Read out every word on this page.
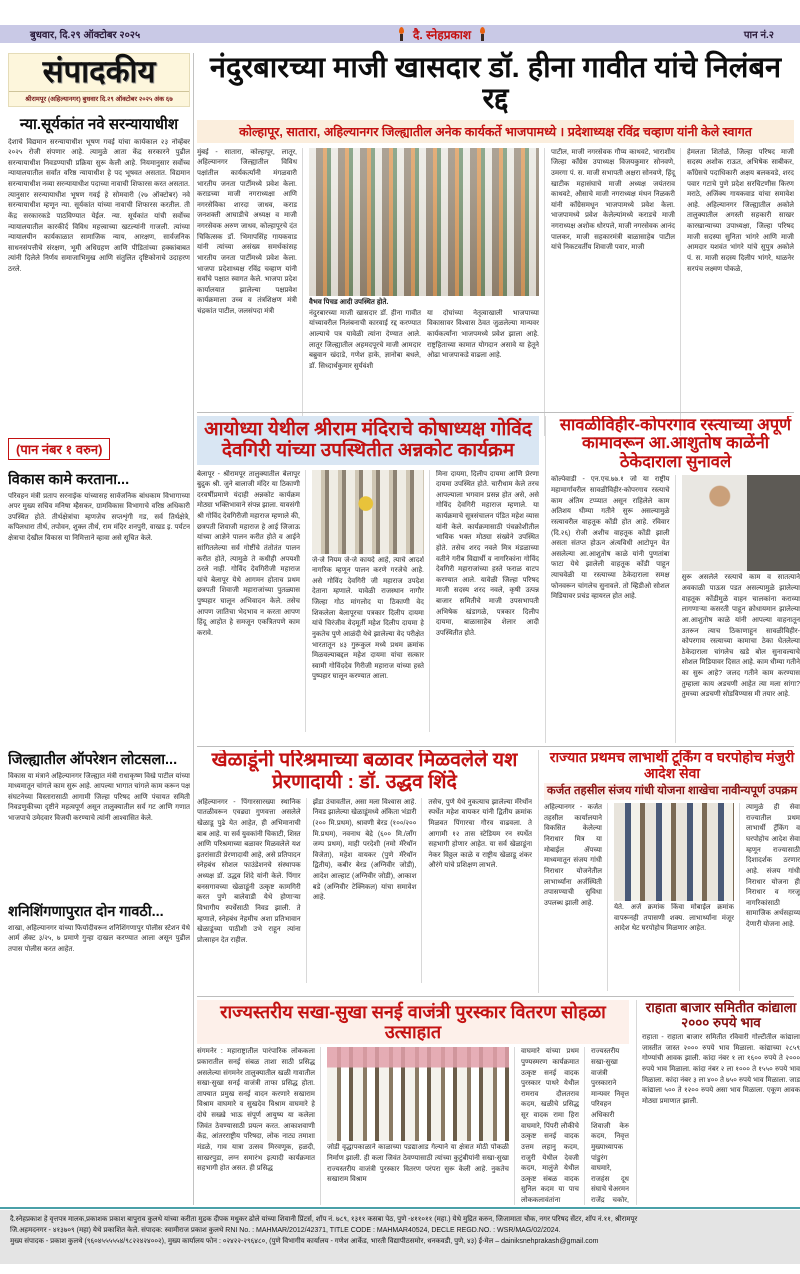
बुधवार, दि.२९ ऑक्टोबर २०२५	दै. स्नेहप्रकाश	पान नं.२
संपादकीय
श्रीरामपूर (अहिल्यानगर) बुधवार दि.२९ ऑक्टोबर २०२५ अंक ६७
न्या.सूर्यकांत नवे सरन्यायाधीश
देशाचे विद्यमान सरन्यायाधीश भूषण गवई यांचा कार्यकाल २३ नोव्हेंबर २०२५ रोजी संपणार आहे. त्यामुळे आता केंद्र सरकारने पुढील सरन्यायाधीश निवडण्याची प्रक्रिया सुरू केली आहे. नियमानुसार सर्वोच्च न्यायालयातील सर्वांत वरिष्ठ न्यायाधीश हे पद भूषवत असतात. विद्यमान सरन्यायाधीश नव्या सरन्यायाधीश पदाच्या नावाची शिफारस करत असतात. त्यानुसार सरन्यायाधीश भूषण गवई हे सोमवारी (२७ ऑक्टोबर) नवे सरन्यायाधीश म्हणून न्या. सूर्यकांत यांच्या नावाची शिफारस करतील. ती केंद्र सरकारकडे पाठविण्यात येईल. न्या. सूर्यकांत यांची सर्वोच्च न्यायालयातील कारकीर्द विविध महत्त्वाच्या खटल्यांनी गाजली. त्यांच्या न्यायालयीन कार्यकाळात सामाजिक न्याय, आरक्षण, सार्वजनिक साधनसंपत्तीचे संरक्षण, भूमी अधिग्रहण आणि पीडितांच्या हक्कांबाबत त्यांनी दिलेले निर्णय समाजाभिमुख आणि संतुलित दृष्टिकोनाचे उदाहरण ठरले.
(पान नंबर १ वरुन)
विकास कामे करताना...
परिवहन मंत्री प्रताप सरनाईक यांच्यासह सार्वजनिक बांधकाम विभागाच्या अपर मुख्य सचिव मनिषा म्हैसकर, ग्रामविकास विभागाचे वरिष्ठ अधिकारी उपस्थित होते. तीर्थक्षेत्रांचा म्हणजेच सप्तशृंगी गड, सर्व तिर्थक्षेत्रे, कपिलधारा तीर्थ, तपोवन, शुक्ल तीर्थ, राम मंदिर शनपुरी, वाखड इ. पर्यटन क्षेत्राचा देखील विकास या निमित्ताने व्हावा असे सूचित केले.
जिल्ह्यातील ऑपरेशन लोटसला...
विकास या मंत्राने अहिल्यानगर जिल्ह्यात मंत्री राधाकृष्ण विखे पाटील यांच्या माध्यमातून चांगले काम सुरू आहे. आपल्या भागात चांगले काम करून पक्ष संघटनेच्या विस्तारासाठी आगामी जिल्हा परिषद आणि पंचायत समिती निवडणुकीच्या दृष्टीने महत्वपूर्ण असून तालुक्यातील सर्व गट आणि गणात भाजपाचे उमेदवार विजयी करण्याचे त्यांनी आश्वासित केले.
शनिशिंगणापुरात दोन गावठी...
शाखा, अहिल्यानगर यांच्या फिर्यादीवरून शनिशिंगणापुर पोलीस स्टेशन येथे आर्म ॲक्ट ३/२५, ७ प्रमाणे गुन्हा दाखल करण्यात आला असून पुढील तपास पोलीस करत आहेत.
नंदुरबारच्या माजी खासदार डॉ. हीना गावीत यांचे निलंबन रद्द
कोल्हापूर, सातारा, अहिल्यानगर जिल्ह्यातील अनेक कार्यकर्ते भाजपामध्ये । प्रदेशाध्यक्ष रविंद्र चव्हाण यांनी केले स्वागत
मुंबई - सातारा, कोल्हापूर, लातूर, अहिल्यानगर जिल्ह्यातील विविध पक्षांतील कार्यकर्त्यांनी मंगळवारी भारतीय जनता पार्टीमध्ये प्रवेश केला. कराडच्या माजी नगराध्यक्षा आणि नगरसेविका शारदा जाधव, कराड जनशक्ती आघाडीचे अध्यक्ष व माजी नगरसेवक अरुण जाधव, कोल्हापूरचे दंत चिकित्सक डॉ. भिमापसिंह गायकवाड यांनी त्यांच्या असंख्य समर्थकांसह भारतीय जनता पार्टीमध्ये प्रवेश केला. भाजपा प्रदेशाध्यक्ष रविंद्र चव्हाण यांनी सर्वांचे पक्षात स्वागत केले. भाजपा प्रदेश कार्यालयात झालेल्या पक्षप्रवेश कार्यक्रमाला उच्च व तंत्रशिक्षण मंत्री चंद्रकांत पाटील, जलसंपदा मंत्री
वैभव पिचड आदी उपस्थित होते.
नंदुरबारच्या माजी खासदार डॉ. हीना गावीत यांच्यावरील निलंबनाची कारवाई रद्द करण्यात आल्याचे पत्र यावेळी त्यांना देण्यात आले. लातूर जिल्ह्यातील अहमदपूरचे माजी आमदार बब्रुवान खंदाडे, गणेश हाके, ज्ञानोबा बधले, डॉ. सिध्दार्थकुमार सुर्यवंशी
या दोघांच्या नेतृत्वाखाली भाजपाच्या विकासावर विश्वास ठेवत जुळलेल्या मान्यवर कार्यकर्त्यांना भाजपमध्ये प्रवेश झाला आहे. राष्ट्रहिताच्या कामात योगदान असावे या हेतूने ओढा भाजपाकडे वाढला आहे.
पाटील, माजी नगरसेवक गौप्य काथवटे, भाराशीय जिल्हा काँग्रेस उपाध्यक्ष विजयकुमार सोनवणे, उमरगा पं. स. माजी सभापती अक्षरा सोनवणे, हिंदू खाटीक महासंघाचे माजी अध्यक्ष जयंतराव काथवटे, औसाचे माजी नगराध्यक्ष मंथन निळकरी यांनी काँग्रेसमधून भाजपामध्ये प्रवेश केला. भाजपामध्ये प्रवेश केलेल्यांमध्ये कराडचे माजी नगराध्यक्ष अशोक धोरपले, माजी नगरसेवक आनंद पालकर, माजी सहकारमंत्री बाळासाहेब पाटील यांचे निकटवर्तीय शिवाजी पवार, माजी
हेमलता शितोळे, जिल्हा परिषद माजी सदस्य अशोक राऊत, अभिषेक साबीकर, काँग्रेसचे पदाधिकारी अक्षय बलकवडे, शरद पवार गटाचे पुणे प्रदेश सरचिटणीस किरण मराठे, अजिंक्य गायकवाड यांचा समावेश आहे. अहिल्यानगर जिल्ह्यातील अकोले तालुक्यातील अगस्ती सहकारी साखर कारखान्याच्या उपाध्यक्षा, जिल्हा परिषद माजी सदस्या सुनिता भांगरे आणि माजी आमदार यशवंत भांगरे यांचे सुपुत्र अकोले पं. स. माजी सदस्य दिलीप भांगरे, थाळनेर सरपंच लक्ष्मण पोकळे,
आयोध्या येथील श्रीराम मंदिराचे कोषाध्यक्ष गोविंद देवगिरी यांच्या उपस्थितीत अन्नकोट कार्यक्रम
बेलापूर - श्रीरामपूर तालुक्यातील बेलापूर बुद्रुक श्री. जुने बालाजी मंदिर या ठिकाणी दरवर्षीप्रमाणे यंदाही अन्नकोट कार्यक्रम मोठ्या भक्तिभावाने संपन्न झाला. यावसंगी श्री गोविंद देवगिरीजी महाराज म्हणाले की, छत्रपती शिवाजी महाराज हे आई जिजाऊ यांच्या आज्ञेने पालन करीत होते व आईने सांगितलेल्या सर्व गोष्टींचे तंतोतंत पालन करीत होते, त्यामुळे ते कधीही अपयशी ठरले नाही. गोविंद देवगिरीजी महाराज यांचे बेलापूर येथे आगमन होताच प्रथम छत्रपती शिवाजी महाराजांच्या पुतळ्यास पुष्पहार घालून अभिवादन केले. तसेच आपण जातिचा भेदभाव न करता आपण हिंदू आहोत हे समजून एकत्रितपणे काम करावे.
जे-जे नियम जे-जे कायदे आहे, त्याचे आदर्श नागरिक म्हणून पालन करणे गरजेचे आहे. असे गोविंद देवगिरी जी महाराज उपदेश देताना म्हणाले. यावेळी राजस्थान नागौर जिल्हा गोठ मांगलोद या ठिकाणी वेद शिकलेला बेलापूरचा पत्रकार दिलीप दायमा यांचे चिरंजीव वेदमूर्ती महेश दिलीप दायमा हे नुकतेच पुणे आळंदी येथे झालेल्या वेद परीक्षेत भारतातून ४३ गुरूकुल मध्ये प्रथम क्रमांक मिळवल्याबद्दल महेश दायमा यांचा सत्कार स्वामी गोविंददेव गिरीजी महाराज यांच्या हस्ते पुष्पहार घालून करण्यात आला.
मिना दायमा, दिलीप दायमा आणि प्रेरणा दायमा उपस्थित होते. चारीधाम केले तरच आपल्याला भगवान प्रसन्न होत असे, असे गोविंद देवगिरी महाराज म्हणाले. या कार्यक्रमाचे सूत्रसंचालन पंडित महेश व्यास यांनी केले. कार्यक्रमासाठी पंचक्रोशीतील भाविक भक्त मोठ्या संख्येने उपस्थित होते. तसेच शरद नवले मित्र मंडळाच्या वतीने गरीब विद्यार्थी व नागरिकांना गोविंद देवगिरी महाराजांच्या हस्ते फराळ वाटप करण्यात आले. यावेळी जिल्हा परिषद माजी सदस्य शरद नवले, कृषी उत्पन्न बाजार समितीचे माजी उपसभापती अभिषेक खंडागळे, पत्रकार दिलीप दायमा, बाळासाहेब शेलार आदी उपस्थितीत होते.
सावळीविहीर-कोपरगाव रस्त्याच्या अपूर्ण कामावरून आ.आशुतोष काळेंनी ठेकेदाराला सुनावले
कोल्पेवाडी - एन.एच.७७.१ जो या राष्ट्रीय महामार्गावरील सावळीविहीर-कोपरगाव रस्त्याचे काम अंतिम टप्प्यात असून राहिलेले काम अतिशय धीम्या गतीने सुरू असल्यामुळे रस्त्यावरील वाहतूक कोंडी होत आहे. रविवार (दि.२६) रोजी अशीच वाहतूक कोंडी झाली असता संतप्त होऊन अंत्यविधी आटोपून येत असलेल्या आ.आशुतोष काळे यांनी पुणतांबा फाटा येथे झालेली वाहतूक कोंडी पाहून त्याचवेळी या रस्त्याच्या ठेकेदाराला समक्ष फोनवरून चांगलेच सुनावले. तो व्हिडीओ सोशल मिडियावर प्रचंड व्हायरल होत आहे.
सुरू असलेले रस्त्याचे काम व सातत्याने अवकाळी पाऊस पडत असल्यामुळे झालेल्या वाहतूक कोंडीमुळे वाहन चालकांना कराव्या लागणाऱ्या कसरती पाहून क्रोधायमान झालेल्या आ.आशुतोष काळे यांनी आपल्या वाहनातून उतरून त्याच ठिकाणाहून सावळीविहीर-कोपरगाव रस्त्याच्या कामाचा ठेका घेतलेल्या ठेकेदाराला चांगलेच खडे बोल सुनावल्याचे सोशल मिडियावर दिसत आहे. काम धीम्या गतीने का सुरू आहे? जलद गतीने काम करण्यास तुम्हाला काय अडचणी आहेत त्या मला सांगा? तुमच्या अडचणी सोडविण्यास मी तयार आहे.
खेळाडूंनी परिश्रमाच्या बळावर मिळवलेले यश प्रेरणादायी : डॉ. उद्धव शिंदे
अहिल्यानगर - पिंगारसारख्या स्थानिक पातळीवरून एवढ्या गुणवत्ता असलेले खेळाडू पुढे येत आहेत, ही अभिमानाची बाब आहे. या सर्व युवकांनी चिकाटी, शिस्त आणि परिश्रमाच्या बळावर मिळवलेले यश इतरांसाठी प्रेरणादायी आहे, असे प्रतिपादन स्नेहबंध सोशल फाउंडेशनचे संस्थापक अध्यक्ष डॉ. उद्धव शिंदे यांनी केले. पिंगार बनसगावच्या खेळाडूंनी उत्कृष्ट कामगिरी करत पुणे बालेवाडी येथे होणाऱ्या विभागीय स्पर्धेसाठी निवड झाली. ते म्हणाले, स्नेहबंध नेहमीच अशा प्रतिभावान खेळाडूंच्या पाठीशी उभे राहून त्यांना प्रोत्साहन देत राहील.
झेंडा उंचावतील, असा मला विश्वास आहे. निवड झालेल्या खेळाडूंमध्ये अंकिता भंडारी (२०० मि.प्रथम), श्रावणी बेरड (१००/२०० मि.प्रथम), नवनाथ बेद्रे (६०० मि./लाँग जम्प प्रथम), माही परदेशी (नमो मॅरेथॉन विजेता), महेश वायकर (पुणे मॅरेथॉन द्वितीय), कबीर बेरड (अग्निवीर जोडी), आदेश आल्हाट (अग्निवीर जोडी), आकाश बडे (अग्निवीर टेक्निकल) यांचा समावेश आहे.
तसेच, पुणे येथे नुकत्याच झालेल्या मॅरेथॉन स्पर्धेत महेश वायकर यांनी द्वितीय क्रमांक मिळवत पिंगारचा गौरव वाढवला. ते आगामी १२ तास स्टेडियम रन स्पर्धेत सहभागी होणार आहेत. या सर्व खेळाडूंना नेकर विठ्ठल काळे व राष्ट्रीय खेळाडू शंकर औरंगे यांचे प्रशिक्षण लाभले.
राज्यात प्रथमच लाभार्थी टूर्किंग व घरपोहोच मंजुरी आदेश सेवा
कर्जत तहसील संजय गांधी योजना शाखेचा नावीन्यपूर्ण उपक्रम
अहिल्यानगर - कर्जत तहसील कार्यालयाने विकसित केलेल्या निराधार मित्र या मोबाईल ॲपच्या माध्यमातून संजय गांधी निराधार योजनेतील लाभार्थ्यांना अर्जस्थिती तपासण्याची सुविधा उपलब्ध झाली आहे.
येते. अर्ज क्रमांक किंवा मोबाईल क्रमांक वापरूनही तपासणी शक्य. लाभार्थ्यांना मंजूर आदेश थेट घरपोहोच मिळणार आहेत.
त्यामुळे ही सेवा राज्यातील प्रथम लाभार्थी ट्रॅकिंग व घरपोहोच आदेश सेवा म्हणून राज्यासाठी दिशादर्शक ठरणार आहे. संजय गांधी निराधार योजना ही निराधार व गरजू नागरिकांसाठी सामाजिक अर्थसहाय्य देणारी योजना आहे.
राज्यस्तरीय सखा-सुखा सनई वाजंत्री पुरस्कार वितरण सोहळा उत्साहात
संगमनेर : महाराष्ट्रातील पारंपारिक लोककला प्रकारातील सनई संबळ ताशा साठी प्रसिद्ध असलेल्या संगमनेर तालुक्यातील खळी गावातील सखा-सुखा सनई वाजंत्री ताफा प्रसिद्ध होता. ताफ्यात प्रमुख सनई वादन करणारे सखाराम विश्राम वाघमारे व सुखदेव विश्राम वाघमारे हे दोघे सख्खे भाऊ संपूर्ण आयुष्य या कलेला जिवंत ठेवण्यासाठी प्रयत्न करत. आकाशवाणी केंद्र, आंतरराष्ट्रीय परिषदा, लोक नाट्य तमाशा मंडळे, गाव यात्रा उत्सव मिरवणूक, हळदी, साखरपुडा, लग्न समारंभ इत्यादी कार्यक्रमात सहभागी होत असत. ही प्रसिद्ध
जोडी वृद्धापकाळाने काळाच्या पडद्याआड गेल्याने या क्षेत्रात मोठी पोकळी निर्माण झाली. ही कला जिवंत ठेवण्यासाठी त्यांच्या कुटुंबीयांनी सखा-सुखा राज्यस्तरीय वाजंत्री पुरस्कार वितरण परंपरा सुरू केली आहे. नुकतेच सखाराम विश्राम
वाघमारे यांच्या प्रथम पुण्यस्मरण कार्यक्रमात उत्कृष्ट सनई वादक पुरस्कार पाथरे येथील रामराव दौलतराव कदम, खळीचे प्रसिद्ध सूर वादक रामा हिरा वाघमारे, पिंपरी लौकीचे उत्कृष्ट सनई वादक उत्तम लहानु कदम, राजुरी येथील देवजी कदम, मालुंजे येथील उत्कृष्ट संबळ वादक सुनिल कदम या पाच लोककलावंतांना
राज्यस्तरीय सखा-सुखा वाजंत्री पुरस्काराने मान्यवर निवृत्त परिवहन अधिकारी शिवाजी केरु कदम, निवृत्त मुख्याध्यापक पांडुरंग वाघमारे, राजहंस दूध संघाचे चेअरमन राजेंद्र चकोर,
राहाता बाजार समितीत कांद्याला २००० रुपये भाव
राहाता - राहाता बाजार समितीत रविवारी गोल्टीतील कांद्याला जास्तीत जास्त २००० रुपये भाव मिळाला. कांद्याच्या २८५९ गोण्यांची आवक झाली. कांदा नंबर १ ला १६०० रुपये ते २००० रुपये भाव मिळाला. कांदा नंबर २ ला १००० ते १५५० रुपये भाव मिळाला. कांदा नंबर ३ ला ४०० ते ७५० रुपये भाव मिळाला. जाड कांद्याला ५०० ते १२०० रुपये असा भाव मिळाला. एकूण आवक मोठ्या प्रमाणात झाली.
दै.स्नेहप्रकाश हे वृत्तपत्र मालक,प्रकाशक प्रकाश बापुराव कुलथे यांच्या करीता मुद्रक दीपक मधुकर ढोले यांच्या शिवानी प्रिंटर्स, शॉप नं. ७८९, १३११ कसबा पेठ, पुणे -४११०११ (महा.) येथे मुद्रित करुन, जिजामाता चौक, नगर परिषद सेंटर, शॉप नं.११, श्रीरामपूर
जि.अहमदनगर - ४१३७०९ (महा) येथे प्रकाशित केले. संपादक: स्वामीराज प्रकाश कुलथे RNI No. : MAHMAR/2012/42371, TITLE CODE : MAHMAR40524, DECLE REGD.NO. : WSR/MAG/02/2024.
मुख्य संपादक - प्रकाश कुलथे (९६०४५५५५५४/९८२२४२४००२), मुख्य कार्यालय फोन : ०२४२२-२९६४८०, (पुणे विभागीय कार्यालय - गणेश आर्केड, भारती विद्यापीठसमोर, धनकवडी, पुणे, ४३) ई-मेल – dainiksnehprakash@gmail.com
